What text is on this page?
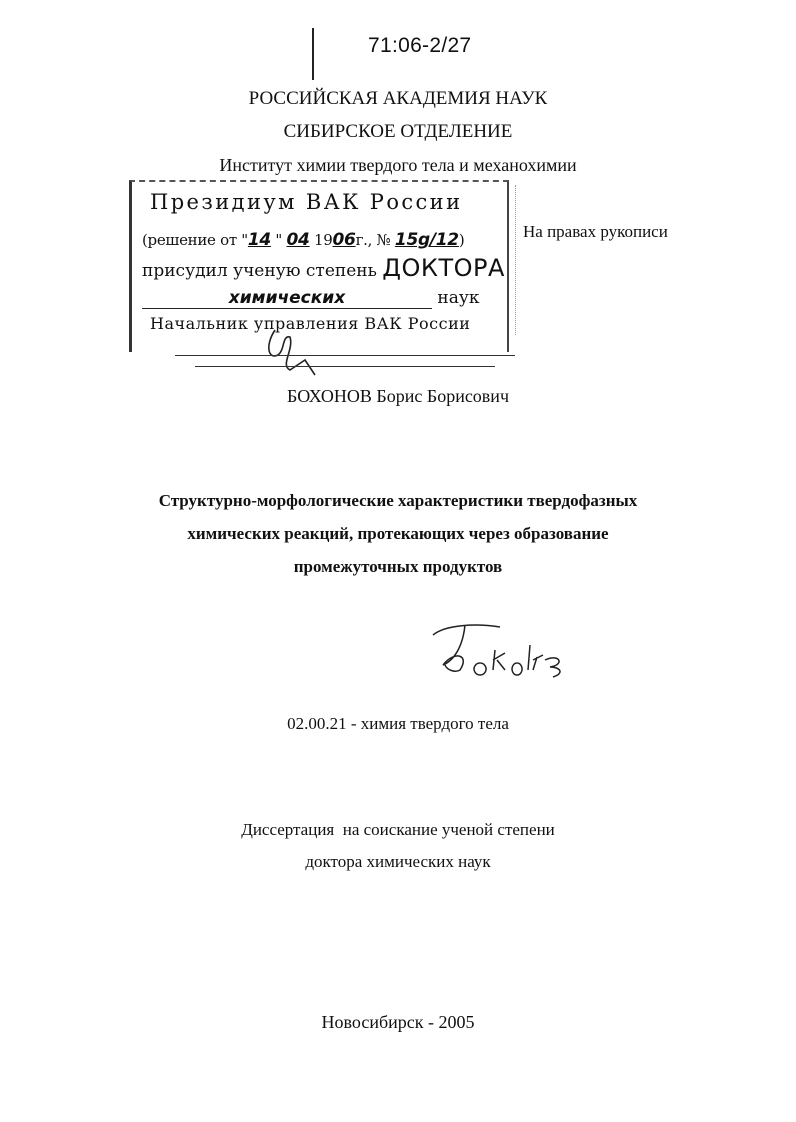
71:06-2/27
РОССИЙСКАЯ АКАДЕМИЯ НАУК
СИБИРСКОЕ ОТДЕЛЕНИЕ
Институт химии твердого тела и механохимии
Президиум ВАК России
(решение от "14 " 04 1906г., № 15g/12)
присудил ученую степень ДОКТОРА
химических	наук
Начальник управления ВАК России
На правах рукописи
БОХОНОВ Борис Борисович
Структурно-морфологические характеристики твердофазных
химических реакций, протекающих через образование
промежуточных продуктов
02.00.21 - химия твердого тела
Диссертация  на соискание ученой степени
доктора химических наук
Новосибирск - 2005
